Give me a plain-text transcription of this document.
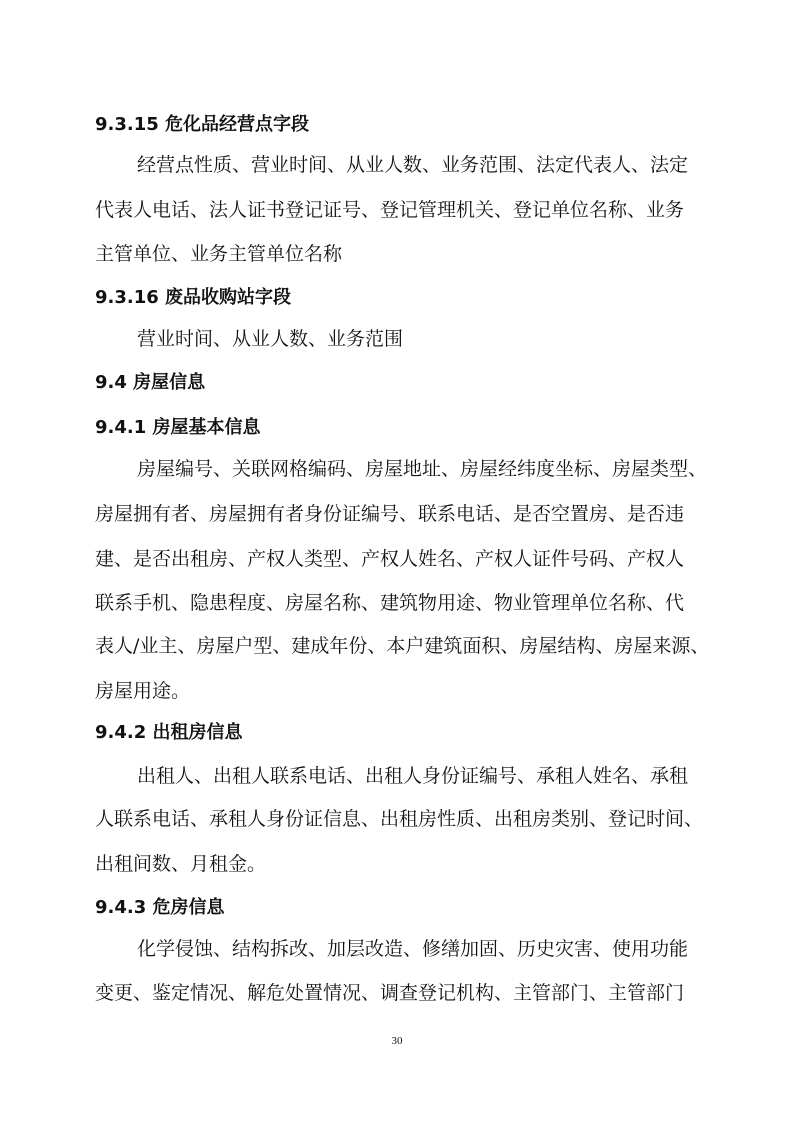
9.3.15 危化品经营点字段
经营点性质、营业时间、从业人数、业务范围、法定代表人、法定
代表人电话、法人证书登记证号、登记管理机关、登记单位名称、业务
主管单位、业务主管单位名称
9.3.16 废品收购站字段
营业时间、从业人数、业务范围
9.4 房屋信息
9.4.1 房屋基本信息
房屋编号、关联网格编码、房屋地址、房屋经纬度坐标、房屋类型、
房屋拥有者、房屋拥有者身份证编号、联系电话、是否空置房、是否违
建、是否出租房、产权人类型、产权人姓名、产权人证件号码、产权人
联系手机、隐患程度、房屋名称、建筑物用途、物业管理单位名称、代
表人/业主、房屋户型、建成年份、本户建筑面积、房屋结构、房屋来源、
房屋用途。
9.4.2 出租房信息
出租人、出租人联系电话、出租人身份证编号、承租人姓名、承租
人联系电话、承租人身份证信息、出租房性质、出租房类别、登记时间、
出租间数、月租金。
9.4.3 危房信息
化学侵蚀、结构拆改、加层改造、修缮加固、历史灾害、使用功能
变更、鉴定情况、解危处置情况、调查登记机构、主管部门、主管部门
30
